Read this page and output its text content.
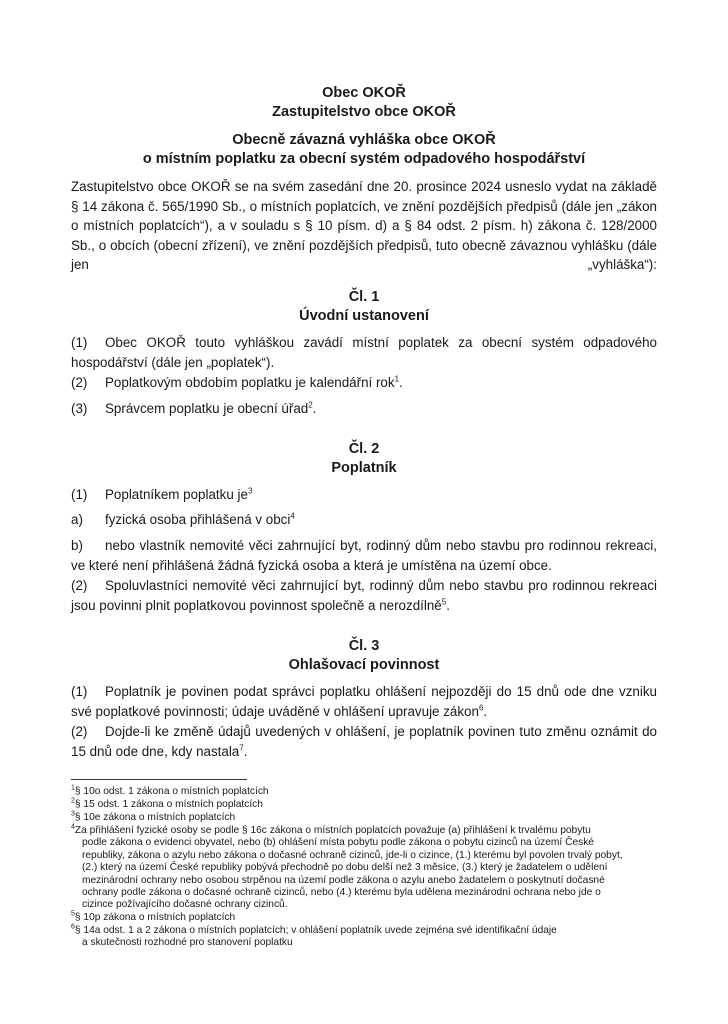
Obec OKOŘ
Zastupitelstvo obce OKOŘ
Obecně závazná vyhláška obce OKOŘ
o místním poplatku za obecní systém odpadového hospodářství
Zastupitelstvo obce OKOŘ se na svém zasedání dne 20. prosince 2024 usneslo vydat na základě § 14 zákona č. 565/1990 Sb., o místních poplatcích, ve znění pozdějších předpisů (dále jen „zákon o místních poplatcích“), a v souladu s § 10 písm. d) a § 84 odst. 2 písm. h) zákona č. 128/2000 Sb., o obcích (obecní zřízení), ve znění pozdějších předpisů, tuto obecně závaznou vyhlášku (dále jen „vyhláška“):
Čl. 1
Úvodní ustanovení
(1) Obec OKOŘ touto vyhláškou zavádí místní poplatek za obecní systém odpadového hospodářství (dále jen „poplatek“).
(2) Poplatkovým obdobím poplatku je kalendářní rok$^1$.
(3) Správcem poplatku je obecní úřad$^2$.
Čl. 2
Poplatník
(1) Poplatníkem poplatku $je^3$
a) fyzická osoba přihlášená v obci$^4$
b) nebo vlastník nemovité věci zahrnující byt, rodinný dům nebo stavbu pro rodinnou rekreaci, ve které není přihlášená žádná fyzická osoba a která je umístěna na území obce.
(2) Spoluvlastníci nemovité věci zahrnující byt, rodinný dům nebo stavbu pro rodinnou rekreaci jsou povinni plnit poplatkovou povinnost společně a nerozdílně$^5$.
Čl. 3
Ohlašovací povinnost
(1) Poplatník je povinen podat správci poplatku ohlášení nejpozději do 15 dnů ode dne vzniku své poplatkové povinnosti; údaje uváděné v ohlášení upravuje zákon$^6$.
(2) Dojde-li ke změně údajů uvedených v ohlášení, je poplatník povinen tuto změnu oznámit do 15 dnů ode dne, kdy nastala$^7$.
$^1$§ 10o odst. 1 zákona o místních poplatcích
$^2$§ 15 odst. 1 zákona o místních poplatcích
$^3$§ 10e zákona o místních poplatcích
$^4$Za přihlášení fyzické osoby se podle § 16c zákona o místních poplatcích považuje (a) přihlášení k trvalému pobytu
podle zákona o evidenci obyvatel, nebo (b) ohlášení místa pobytu podle zákona o pobytu cizinců na území České republiky, zákona o azylu nebo zákona o dočasné ochraně cizinců, jde-li o cizince, (1.) kterému byl povolen trvalý pobyt, (2.) který na území České republiky pobývá přechodně po dobu delší než 3 měsíce, (3.) který je žadatelem o udělení mezinárodní ochrany nebo osobou strpěnou na území podle zákona o azylu anebo žadatelem o poskytnutí dočasné ochrany podle zákona o dočasné ochraně cizinců, nebo (4.) kterému byla udělena mezinárodní ochrana nebo jde o cizince požívajícího dočasné ochrany cizinců.
$^5$§ 10p zákona o místních poplatcích
$^6$§ 14a odst. 1 a 2 zákona o místních poplatcích; v ohlášení poplatník uvede zejména své identifikační údaje
a skutečnosti rozhodné pro stanovení poplatku
